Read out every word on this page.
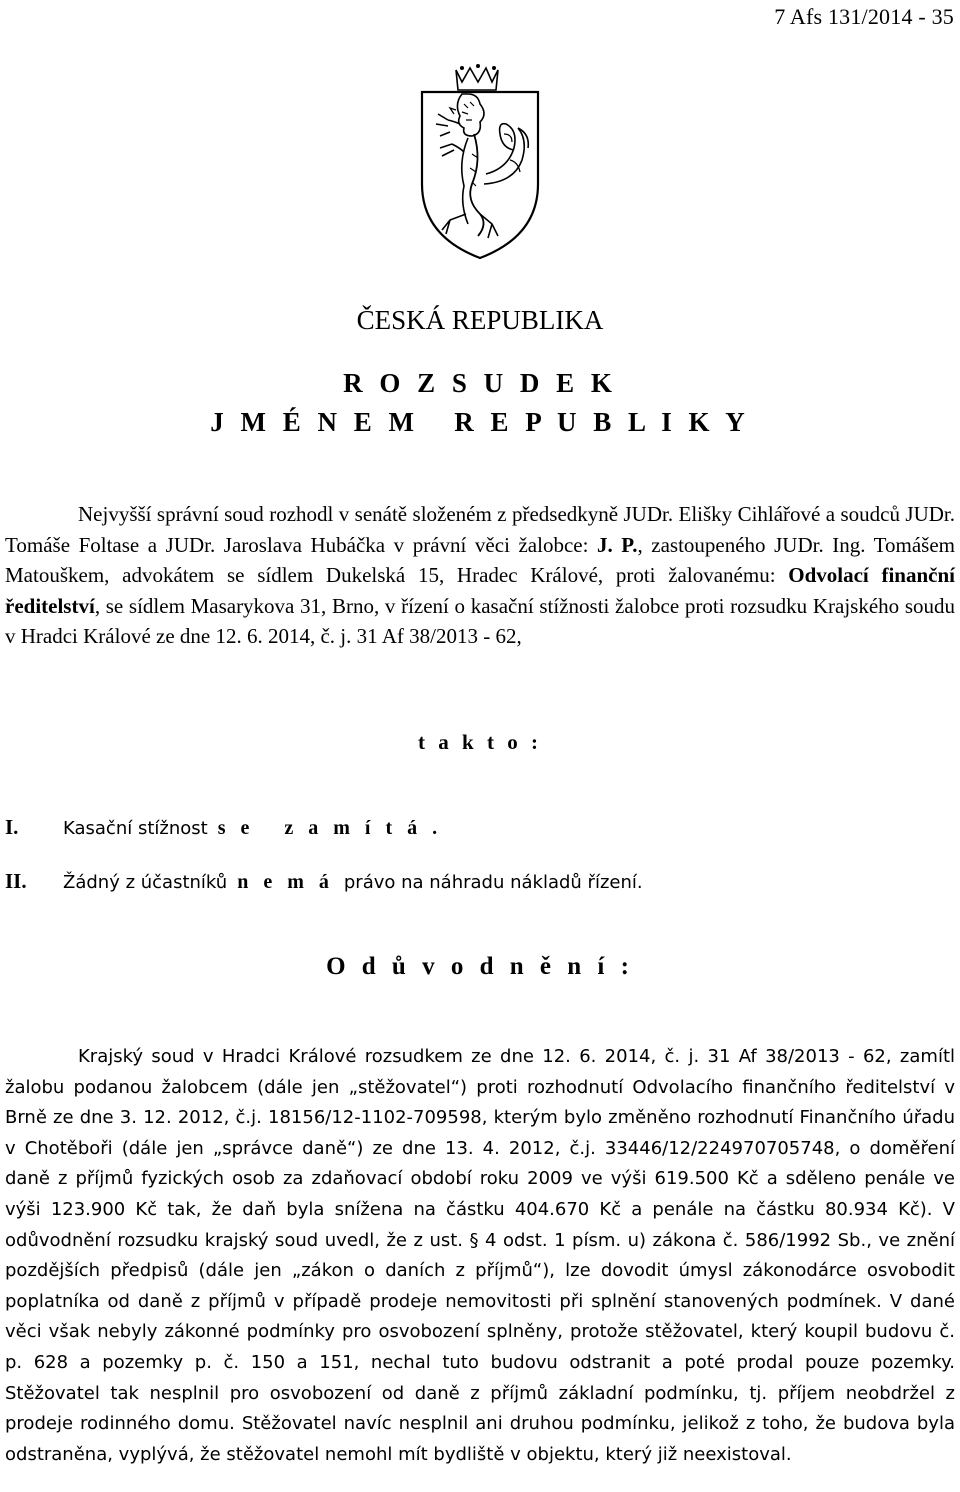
7 Afs 131/2014 - 35

ČESKÁ REPUBLIKA

R O Z S U D E K

J M É N E M   R E P U B L I K Y

Nejvyšší správní soud rozhodl v senátě složeném z předsedkyně JUDr. Elišky Cihlářové a soudců JUDr. Tomáše Foltase a JUDr. Jaroslava Hubáčka v právní věci žalobce: J. P., zastoupeného JUDr. Ing. Tomášem Matouškem, advokátem se sídlem Dukelská 15, Hradec Králové, proti žalovanému: Odvolací finanční ředitelství, se sídlem Masarykova 31, Brno, v řízení o kasační stížnosti žalobce proti rozsudku Krajského soudu v Hradci Králové ze dne 12. 6. 2014, č. j. 31 Af 38/2013 - 62,

t a k t o :

I. Kasační stížnost s e   z a m í t á .

II. Žádný z účastníků n e m á právo na náhradu nákladů řízení.

O d ů v o d n ě n í :

Krajský soud v Hradci Králové rozsudkem ze dne 12. 6. 2014, č. j. 31 Af 38/2013 - 62, zamítl žalobu podanou žalobcem (dále jen „stěžovatel“) proti rozhodnutí Odvolacího finančního ředitelství v Brně ze dne 3. 12. 2012, č.j. 18156/12-1102-709598, kterým bylo změněno rozhodnutí Finančního úřadu v Chotěboři (dále jen „správce daně“) ze dne 13. 4. 2012, č.j. 33446/12/224970705748, o doměření daně z příjmů fyzických osob za zdaňovací období roku 2009 ve výši 619.500 Kč a sděleno penále ve výši 123.900 Kč tak, že daň byla snížena na částku 404.670 Kč a penále na částku 80.934 Kč). V odůvodnění rozsudku krajský soud uvedl, že z ust. § 4 odst. 1 písm. u) zákona č. 586/1992 Sb., ve znění pozdějších předpisů (dále jen „zákon o daních z příjmů“), lze dovodit úmysl zákonodárce osvobodit poplatníka od daně z příjmů v případě prodeje nemovitosti při splnění stanovených podmínek. V dané věci však nebyly zákonné podmínky pro osvobození splněny, protože stěžovatel, který koupil budovu č. p. 628 a pozemky p. č. 150 a 151, nechal tuto budovu odstranit a poté prodal pouze pozemky. Stěžovatel tak nesplnil pro osvobození od daně z příjmů základní podmínku, tj. příjem neobdržel z prodeje rodinného domu. Stěžovatel navíc nesplnil ani druhou podmínku, jelikož z toho, že budova byla odstraněna, vyplývá, že stěžovatel nemohl mít bydliště v objektu, který již neexistoval.
